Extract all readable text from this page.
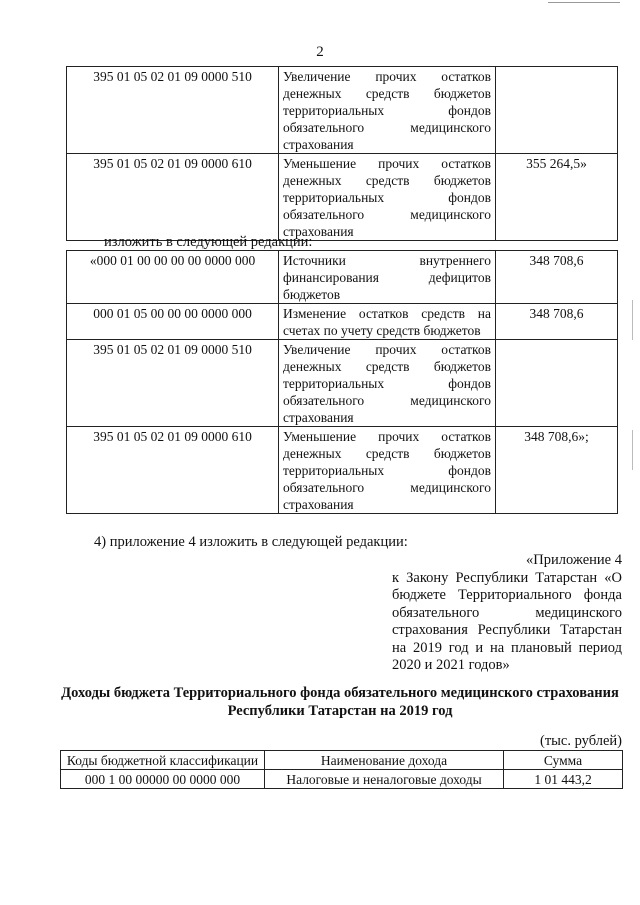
2
395 01 05 02 01 09 0000 510	Увеличение прочих остатков денежных средств бюджетов территориальных фондов обязательного медицинского страхования	
395 01 05 02 01 09 0000 610	Уменьшение прочих остатков денежных средств бюджетов территориальных фондов обязательного медицинского страхования	355 264,5»
изложить в следующей редакции:
«000 01 00 00 00 00 0000 000	Источники внутреннего финансирования дефицитов бюджетов	348 708,6
000 01 05 00 00 00 0000 000	Изменение остатков средств на счетах по учету средств бюджетов	348 708,6
395 01 05 02 01 09 0000 510	Увеличение прочих остатков денежных средств бюджетов территориальных фондов обязательного медицинского страхования	
395 01 05 02 01 09 0000 610	Уменьшение прочих остатков денежных средств бюджетов территориальных фондов обязательного медицинского страхования	348 708,6»;
4) приложение 4 изложить в следующей редакции:
«Приложение 4
к Закону Республики Татарстан «О бюджете Территориального фонда обязательного медицинского страхования Республики Татарстан на 2019 год и на плановый период 2020 и 2021 годов»
Доходы бюджета Территориального фонда обязательного медицинского страхования Республики Татарстан на 2019 год
(тыс. рублей)
Коды бюджетной классификации	Наименование дохода	Сумма
000 1 00 00000 00 0000 000	Налоговые и неналоговые доходы	1 01 443,2
